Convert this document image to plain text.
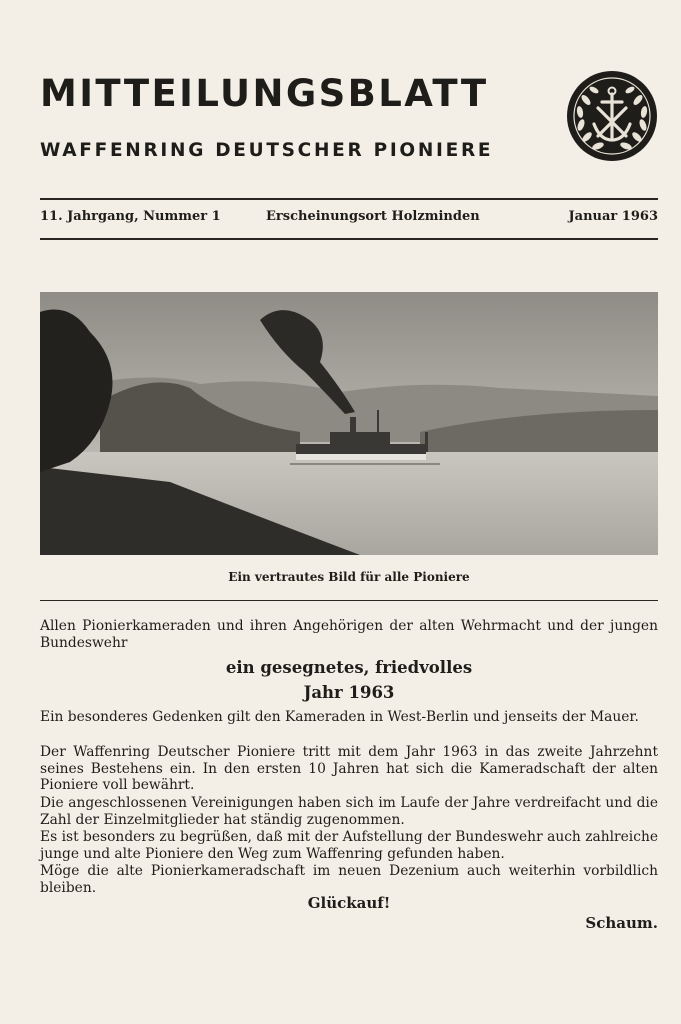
MITTEILUNGSBLATT
WAFFENRING DEUTSCHER PIONIERE
11. Jahrgang, Nummer 1	Erscheinungsort Holzminden	Januar 1963
Ein vertrautes Bild für alle Pioniere
Allen Pionierkameraden und ihren Angehörigen der alten Wehrmacht und der jungen Bundeswehr
ein gesegnetes, friedvolles
Jahr 1963
Ein besonderes Gedenken gilt den Kameraden in West-Berlin und jenseits der Mauer.
Der Waffenring Deutscher Pioniere tritt mit dem Jahr 1963 in das zweite Jahrzehnt seines Bestehens ein. In den ersten 10 Jahren hat sich die Kameradschaft der alten Pioniere voll bewährt.
Die angeschlossenen Vereinigungen haben sich im Laufe der Jahre verdreifacht und die Zahl der Einzelmitglieder hat ständig zugenommen.
Es ist besonders zu begrüßen, daß mit der Aufstellung der Bundeswehr auch zahlreiche junge und alte Pioniere den Weg zum Waffenring gefunden haben.
Möge die alte Pionierkameradschaft im neuen Dezenium auch weiterhin vorbildlich bleiben.
Glückauf!
Schaum.
